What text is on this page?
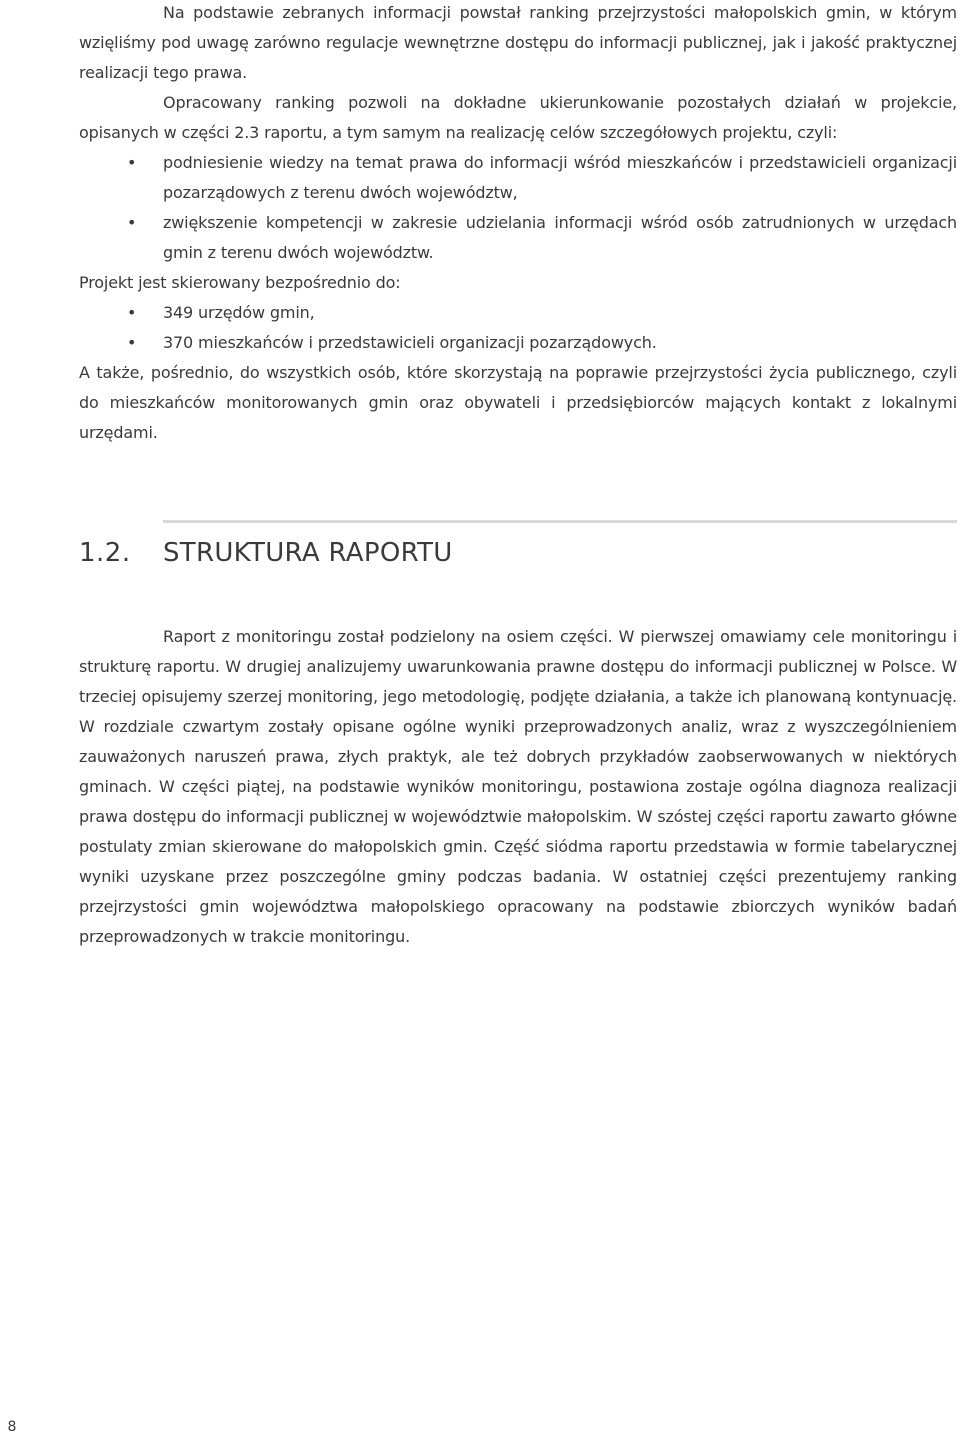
Na podstawie zebranych informacji powstał ranking przejrzystości małopolskich gmin, w którym wzięliśmy pod uwagę zarówno regulacje wewnętrzne dostępu do informacji publicznej, jak i jakość praktycznej realizacji tego prawa.

Opracowany ranking pozwoli na dokładne ukierunkowanie pozostałych działań w projekcie, opisanych w części 2.3 raportu, a tym samym na realizację celów szczegółowych projektu, czyli:

• podniesienie wiedzy na temat prawa do informacji wśród mieszkańców i przedstawicieli organizacji pozarządowych z terenu dwóch województw,
• zwiększenie kompetencji w zakresie udzielania informacji wśród osób zatrudnionych w urzędach gmin z terenu dwóch województw.

Projekt jest skierowany bezpośrednio do:

• 349 urzędów gmin,
• 370 mieszkańców i przedstawicieli organizacji pozarządowych.

A także, pośrednio, do wszystkich osób, które skorzystają na poprawie przejrzystości życia publicznego, czyli do mieszkańców monitorowanych gmin oraz obywateli i przedsiębiorców mających kontakt z lokalnymi urzędami.

1.2. STRUKTURA RAPORTU

Raport z monitoringu został podzielony na osiem części. W pierwszej omawiamy cele monitoringu i strukturę raportu. W drugiej analizujemy uwarunkowania prawne dostępu do informacji publicznej w Polsce. W trzeciej opisujemy szerzej monitoring, jego metodologię, podjęte działania, a także ich planowaną kontynuację. W rozdziale czwartym zostały opisane ogólne wyniki przeprowadzonych analiz, wraz z wyszczególnieniem zauważonych naruszeń prawa, złych praktyk, ale też dobrych przykładów zaobserwowanych w niektórych gminach. W części piątej, na podstawie wyników monitoringu, postawiona zostaje ogólna diagnoza realizacji prawa dostępu do informacji publicznej w województwie małopolskim. W szóstej części raportu zawarto główne postulaty zmian skierowane do małopolskich gmin. Część siódma raportu przedstawia w formie tabelarycznej wyniki uzyskane przez poszczególne gminy podczas badania. W ostatniej części prezentujemy ranking przejrzystości gmin województwa małopolskiego opracowany na podstawie zbiorczych wyników badań przeprowadzonych w trakcie monitoringu.

8
